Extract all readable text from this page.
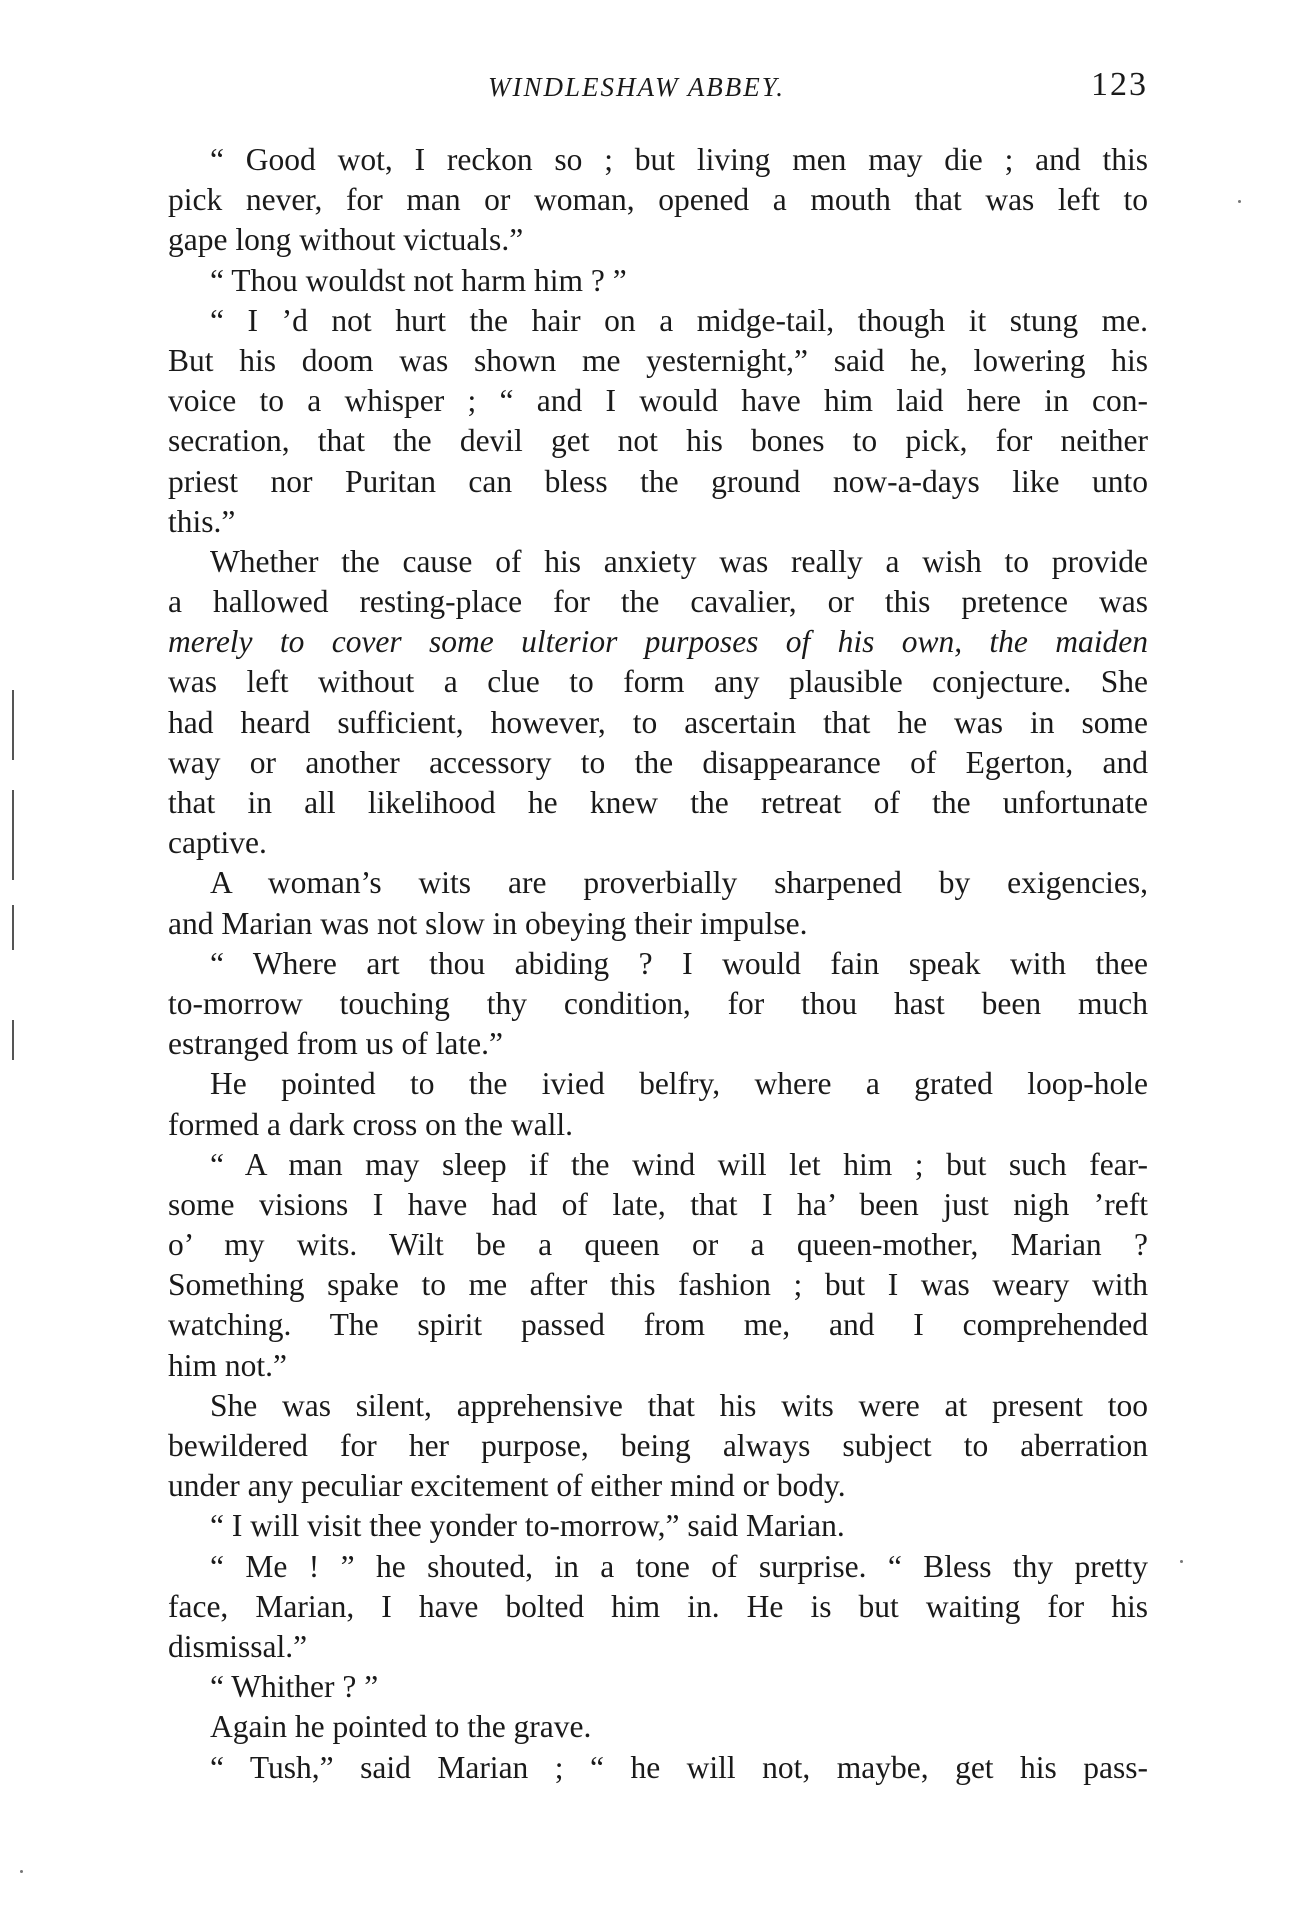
WINDLESHAW ABBEY.	123
“ Good wot, I reckon so ; but living men may die ; and this
pick never, for man or woman, opened a mouth that was left to
gape long without victuals.”
“ Thou wouldst not harm him ? ”
“ I ’d not hurt the hair on a midge-tail, though it stung me.
But his doom was shown me yesternight,” said he, lowering his
voice to a whisper ; “ and I would have him laid here in con-
secration, that the devil get not his bones to pick, for neither
priest nor Puritan can bless the ground now-a-days like unto
this.”
Whether the cause of his anxiety was really a wish to provide
a hallowed resting-place for the cavalier, or this pretence was
merely to cover some ulterior purposes of his own, the maiden
was left without a clue to form any plausible conjecture. She
had heard sufficient, however, to ascertain that he was in some
way or another accessory to the disappearance of Egerton, and
that in all likelihood he knew the retreat of the unfortunate
captive.
A woman’s wits are proverbially sharpened by exigencies,
and Marian was not slow in obeying their impulse.
“ Where art thou abiding ? I would fain speak with thee
to-morrow touching thy condition, for thou hast been much
estranged from us of late.”
He pointed to the ivied belfry, where a grated loop-hole
formed a dark cross on the wall.
“ A man may sleep if the wind will let him ; but such fear-
some visions I have had of late, that I ha’ been just nigh ’reft
o’ my wits. Wilt be a queen or a queen-mother, Marian ?
Something spake to me after this fashion ; but I was weary with
watching. The spirit passed from me, and I comprehended
him not.”
She was silent, apprehensive that his wits were at present too
bewildered for her purpose, being always subject to aberration
under any peculiar excitement of either mind or body.
“ I will visit thee yonder to-morrow,” said Marian.
“ Me ! ” he shouted, in a tone of surprise. “ Bless thy pretty
face, Marian, I have bolted him in. He is but waiting for his
dismissal.”
“ Whither ? ”
Again he pointed to the grave.
“ Tush,” said Marian ; “ he will not, maybe, get his pass-
